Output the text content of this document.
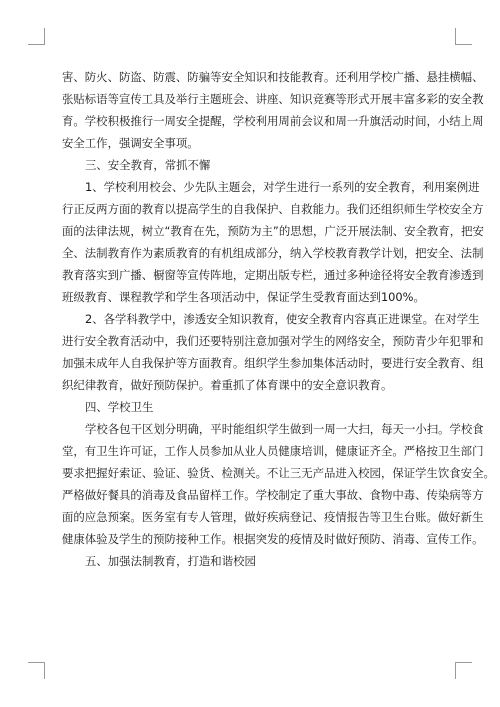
害、防火、防盗、防震、防骗等安全知识和技能教育。还利用学校广播、悬挂横幅、
张贴标语等宣传工具及举行主题班会、讲座、知识竞赛等形式开展丰富多彩的安全教
育。学校积极推行一周安全提醒，学校利用周前会议和周一升旗活动时间，小结上周
安全工作，强调安全事项。
三、安全教育，常抓不懈
1、学校利用校会、少先队主题会，对学生进行一系列的安全教育，利用案例进
行正反两方面的教育以提高学生的自我保护、自救能力。我们还组织师生学校安全方
面的法律法规，树立“教育在先，预防为主”的思想，广泛开展法制、安全教育，把安
全、法制教育作为素质教育的有机组成部分，纳入学校教育教学计划，把安全、法制
教育落实到广播、橱窗等宣传阵地，定期出版专栏，通过多种途径将安全教育渗透到
班级教育、课程教学和学生各项活动中，保证学生受教育面达到100%。
2、各学科教学中，渗透安全知识教育，使安全教育内容真正进课堂。在对学生
进行安全教育活动中，我们还要特别注意加强对学生的网络安全，预防青少年犯罪和
加强未成年人自我保护等方面教育。组织学生参加集体活动时，要进行安全教育、组
织纪律教育，做好预防保护。着重抓了体育课中的安全意识教育。
四、学校卫生
学校各包干区划分明确，平时能组织学生做到一周一大扫，每天一小扫。学校食
堂，有卫生许可证，工作人员参加从业人员健康培训，健康证齐全。严格按卫生部门
要求把握好索证、验证、验货、检测关。不让三无产品进入校园，保证学生饮食安全。
严格做好餐具的消毒及食品留样工作。学校制定了重大事故、食物中毒、传染病等方
面的应急预案。医务室有专人管理，做好疾病登记、疫情报告等卫生台账。做好新生
健康体验及学生的预防接种工作。根据突发的疫情及时做好预防、消毒、宣传工作。
五、加强法制教育，打造和谐校园
